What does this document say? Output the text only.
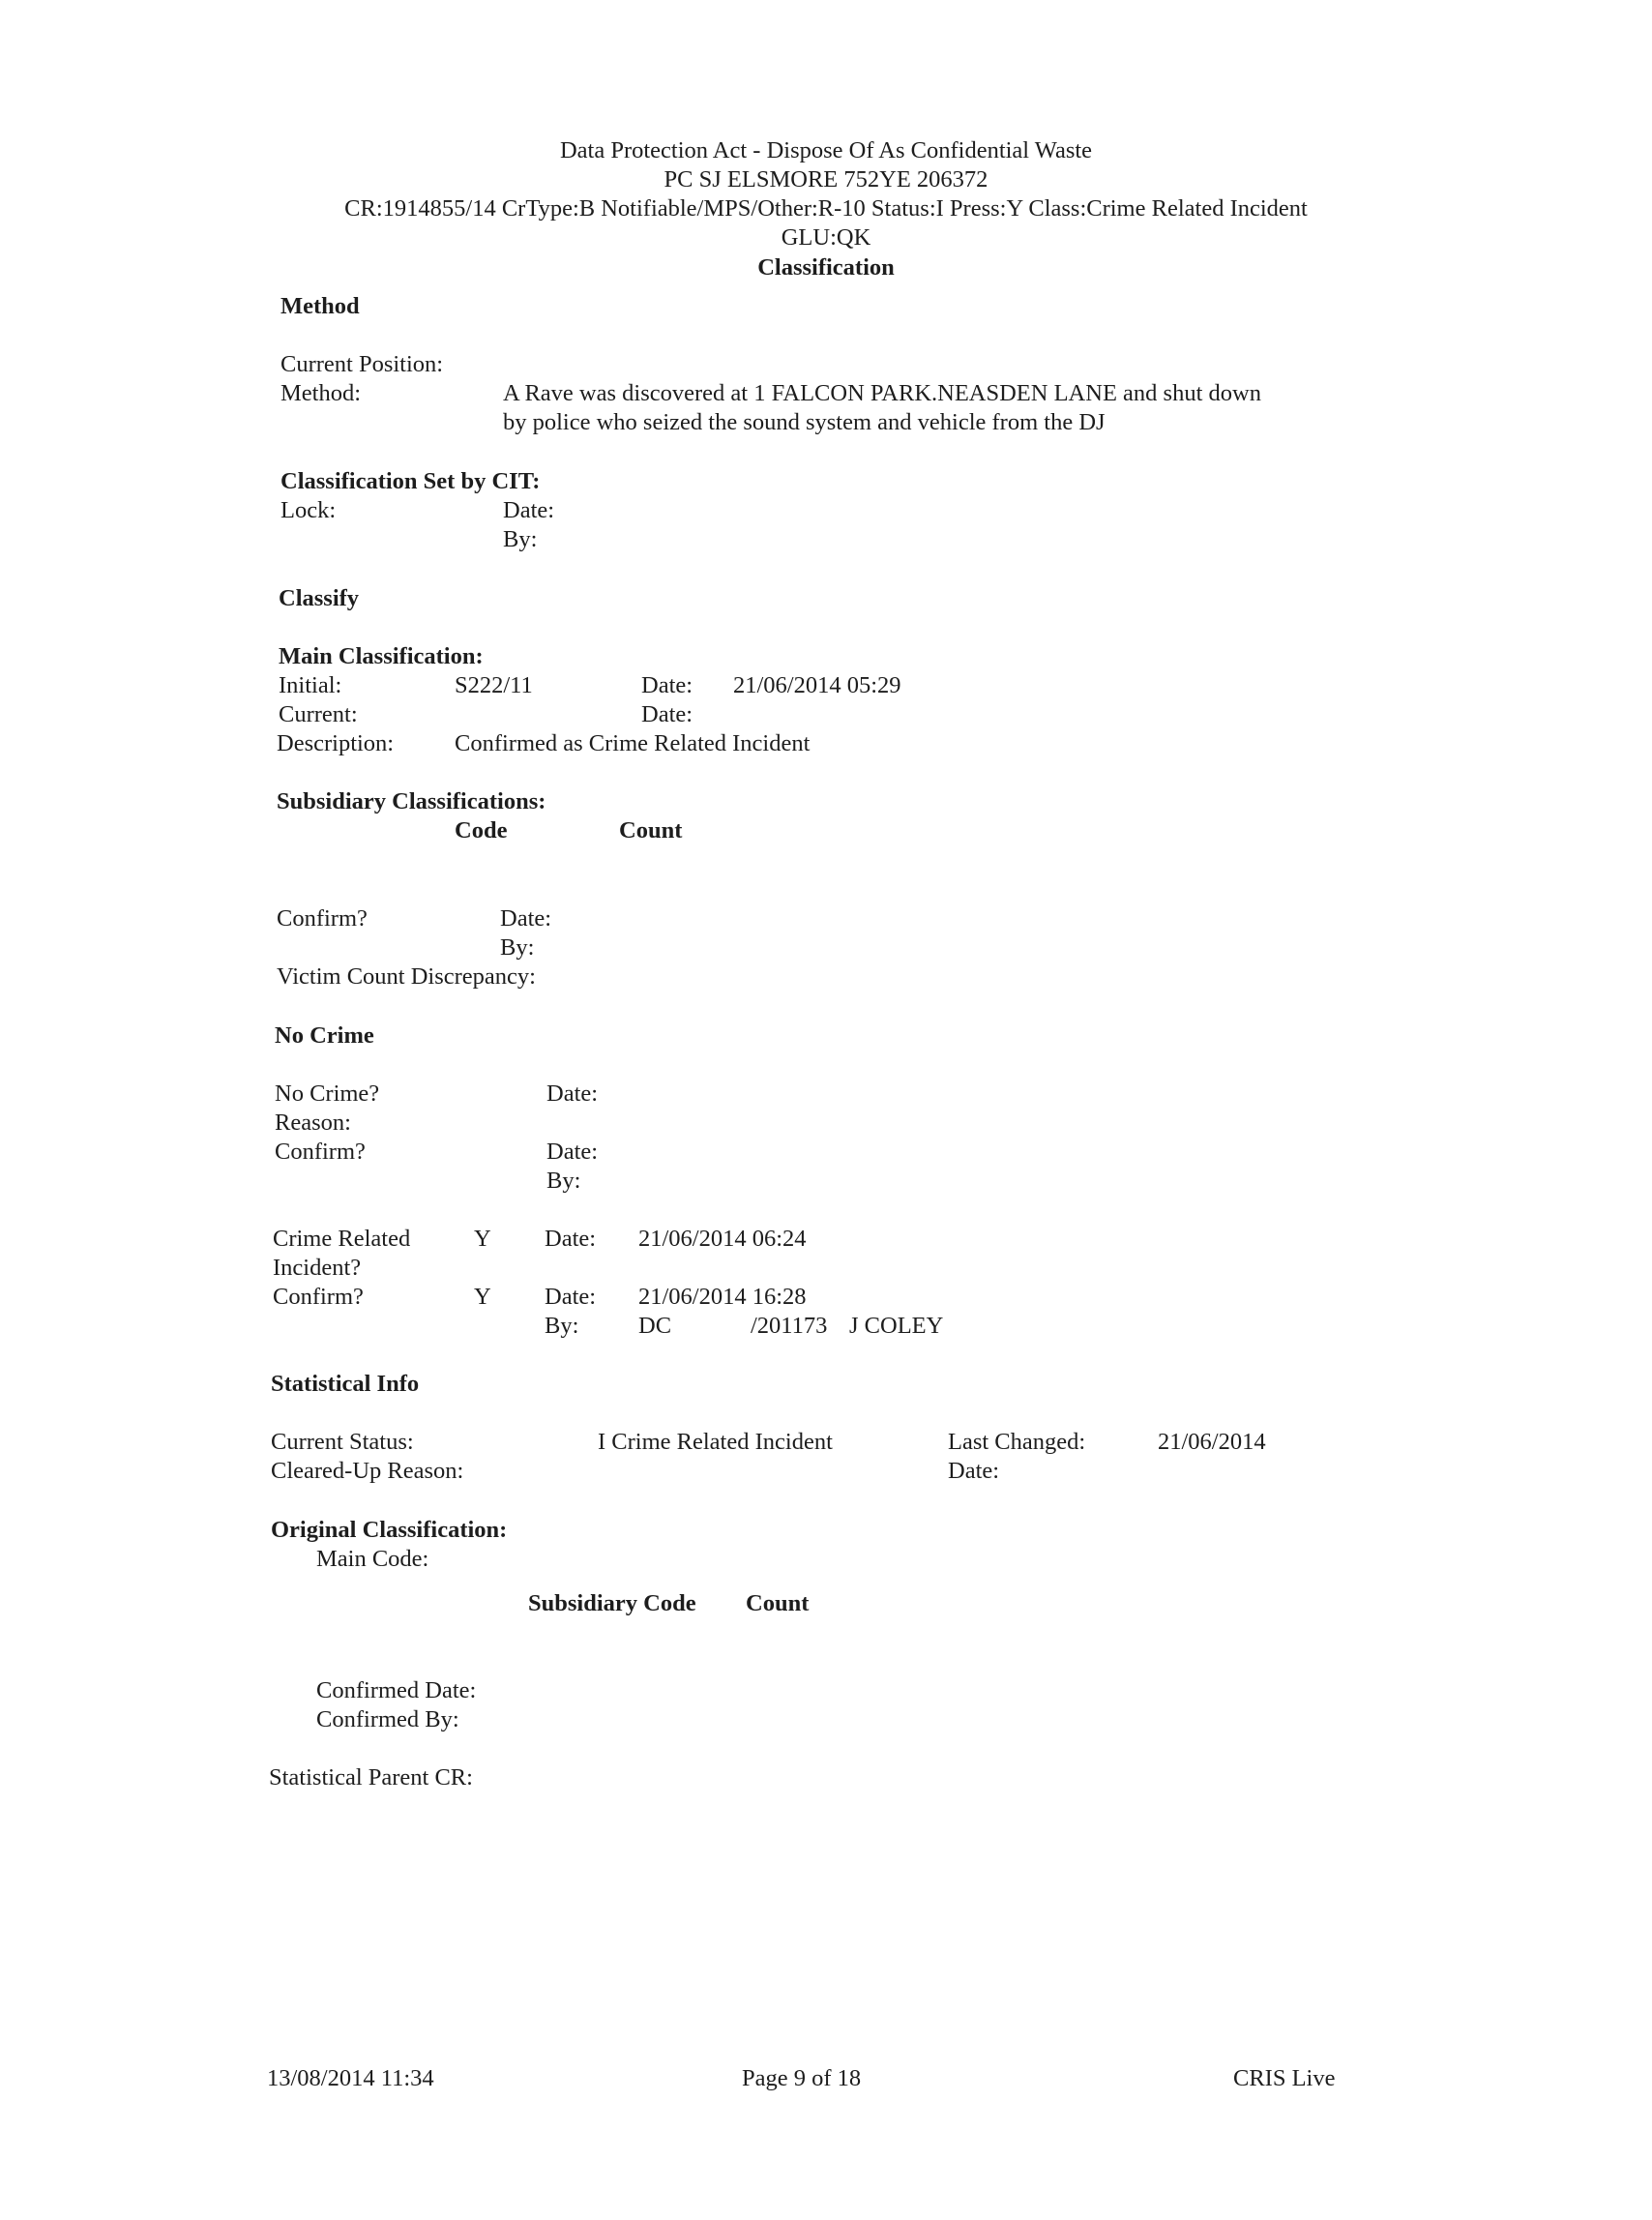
Data Protection Act - Dispose Of As Confidential Waste
PC SJ ELSMORE 752YE 206372
CR:1914855/14 CrType:B Notifiable/MPS/Other:R-10 Status:I Press:Y Class:Crime Related Incident
GLU:QK
Classification
Method
Current Position:
Method:	A Rave was discovered at 1 FALCON PARK.NEASDEN LANE and shut down
by police who seized the sound system and vehicle from the DJ
Classification Set by CIT:
Lock:	Date:
By:
Classify
Main Classification:
Initial:	S222/11	Date: 21/06/2014 05:29
Current:	Date:
Description:	Confirmed as Crime Related Incident
Subsidiary Classifications:
Code	Count
Confirm?	Date:
By:
Victim Count Discrepancy:
No Crime
No Crime?	Date:
Reason:
Confirm?	Date:
By:
Crime Related	Y Date: 21/06/2014 06:24
Incident?
Confirm?	Y Date: 21/06/2014 16:28
By:	DC	/201173 J COLEY
Statistical Info
Current Status:	I Crime Related Incident	Last Changed:	21/06/2014
Cleared-Up Reason:	Date:
Original Classification:
Main Code:
Subsidiary Code Count
Confirmed Date:
Confirmed By:
Statistical Parent CR:
13/08/2014 11:34	Page 9 of 18	CRIS Live
